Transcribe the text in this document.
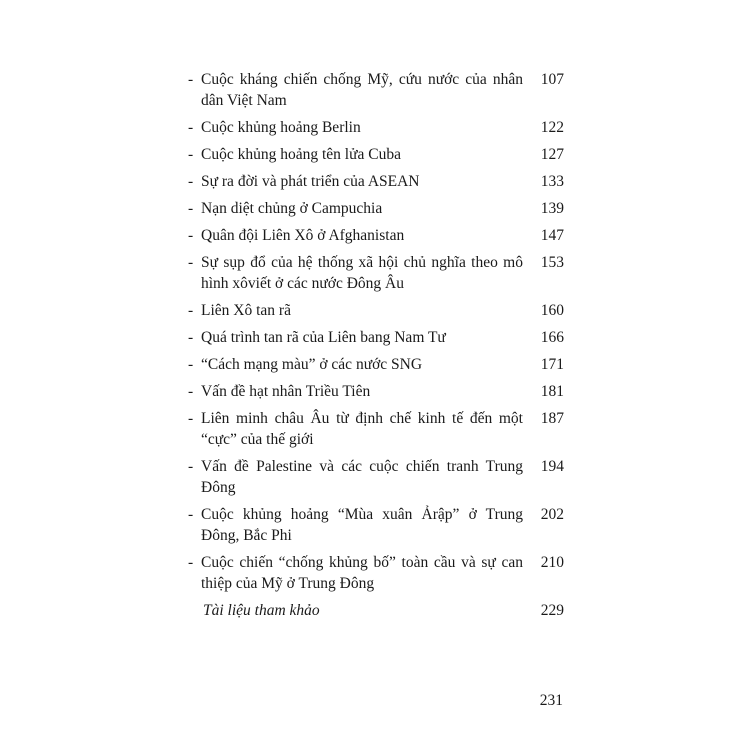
- Cuộc kháng chiến chống Mỹ, cứu nước của nhân dân Việt Nam
107
- Cuộc khủng hoảng Berlin	122
- Cuộc khủng hoảng tên lửa Cuba	127
- Sự ra đời và phát triển của ASEAN	133
- Nạn diệt chủng ở Campuchia	139
- Quân đội Liên Xô ở Afghanistan	147
- Sự sụp đổ của hệ thống xã hội chủ nghĩa theo mô hình xôviết ở các nước Đông Âu
153
- Liên Xô tan rã	160
- Quá trình tan rã của Liên bang Nam Tư	166
- “Cách mạng màu” ở các nước SNG	171
- Vấn đề hạt nhân Triều Tiên	181
- Liên minh châu Âu từ định chế kinh tế đến một “cực” của thế giới
187
- Vấn đề Palestine và các cuộc chiến tranh Trung Đông
194
- Cuộc khủng hoảng “Mùa xuân Ảrập” ở Trung Đông, Bắc Phi
202
- Cuộc chiến “chống khủng bố” toàn cầu và sự can thiệp của Mỹ ở Trung Đông
210
Tài liệu tham khảo	229
231
